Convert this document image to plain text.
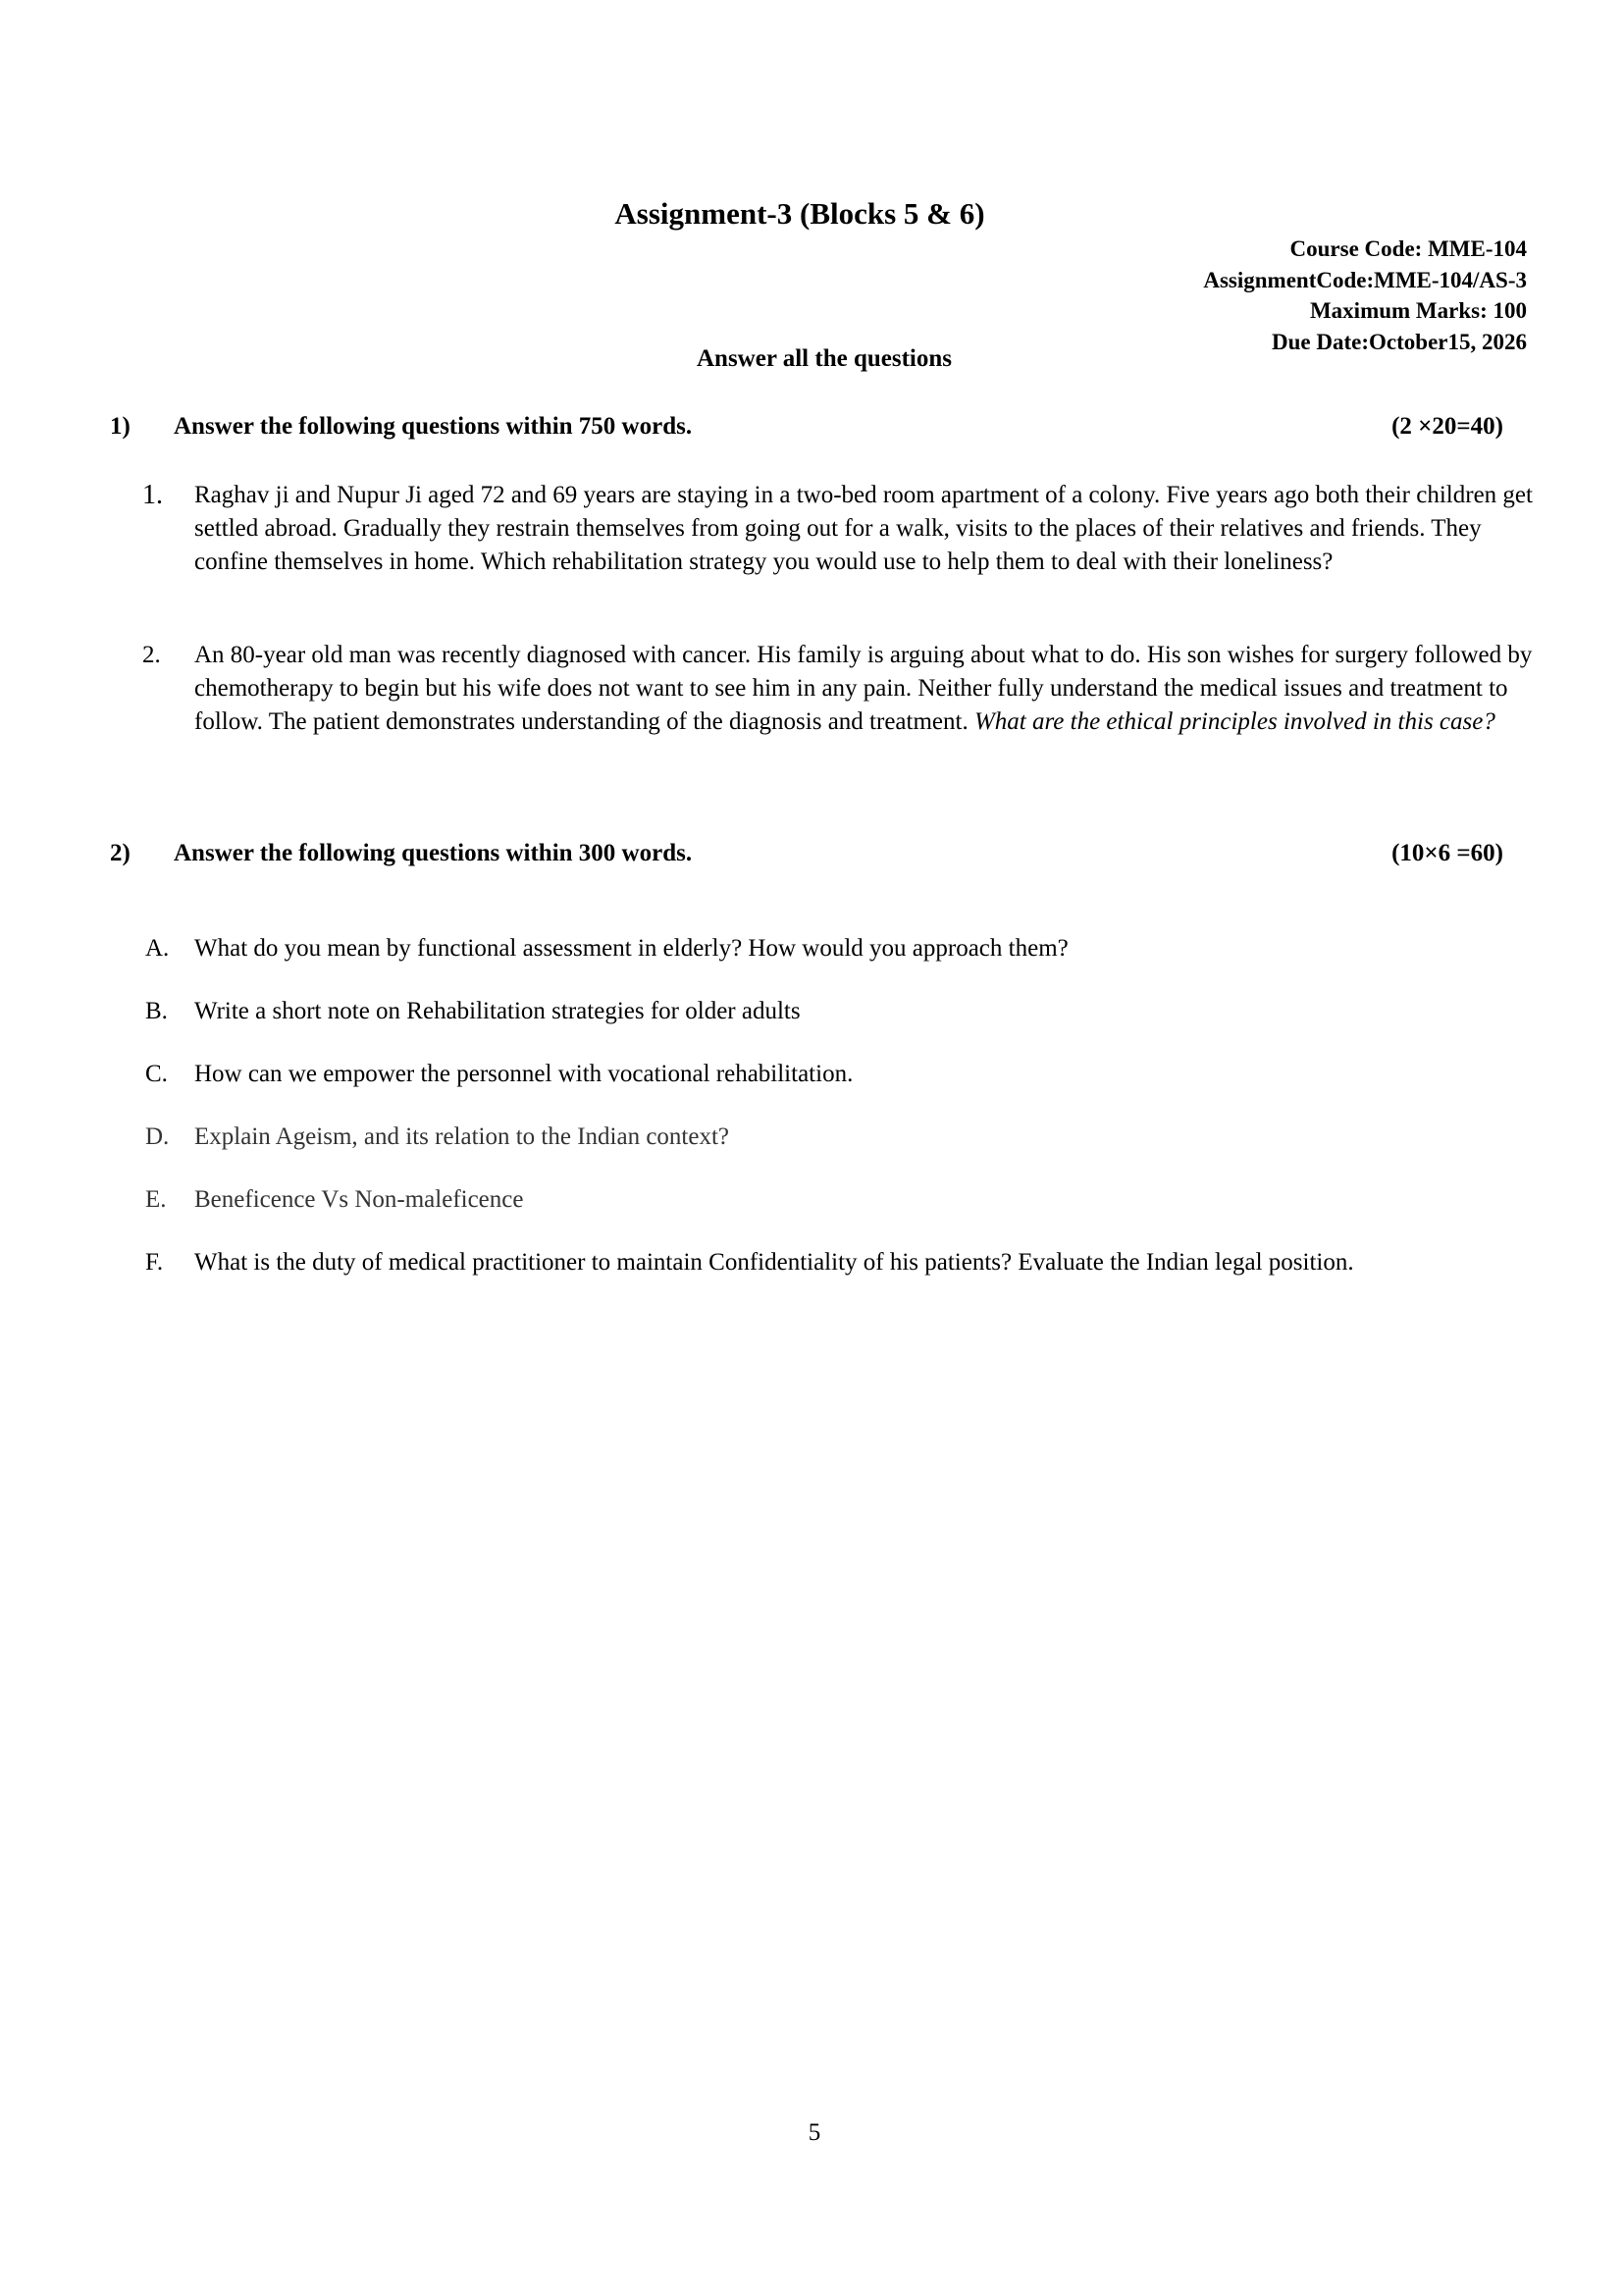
Assignment-3 (Blocks 5 & 6)
Course Code: MME-104
AssignmentCode:MME-104/AS-3
Maximum Marks: 100
Due Date:October15, 2026
Answer all the questions
1)	Answer the following questions within 750 words.	(2 ×20=40)
1.	Raghav ji and Nupur Ji aged 72 and 69 years are staying in a two-bed room apartment of a colony. Five years ago both their children get settled abroad. Gradually they restrain themselves from going out for a walk, visits to the places of their relatives and friends. They confine themselves in home. Which rehabilitation strategy you would use to help them to deal with their loneliness?
2.	An 80-year old man was recently diagnosed with cancer. His family is arguing about what to do. His son wishes for surgery followed by chemotherapy to begin but his wife does not want to see him in any pain. Neither fully understand the medical issues and treatment to follow. The patient demonstrates understanding of the diagnosis and treatment. What are the ethical principles involved in this case?
2)	Answer the following questions within 300 words.	(10×6 =60)
A.	What do you mean by functional assessment in elderly? How would you approach them?
B.	Write a short note on Rehabilitation strategies for older adults
C.	How can we empower the personnel with vocational rehabilitation.
D.	Explain Ageism, and its relation to the Indian context?
E.	Beneficence Vs Non-maleficence
F.	What is the duty of medical practitioner to maintain Confidentiality of his patients? Evaluate the Indian legal position.
5
